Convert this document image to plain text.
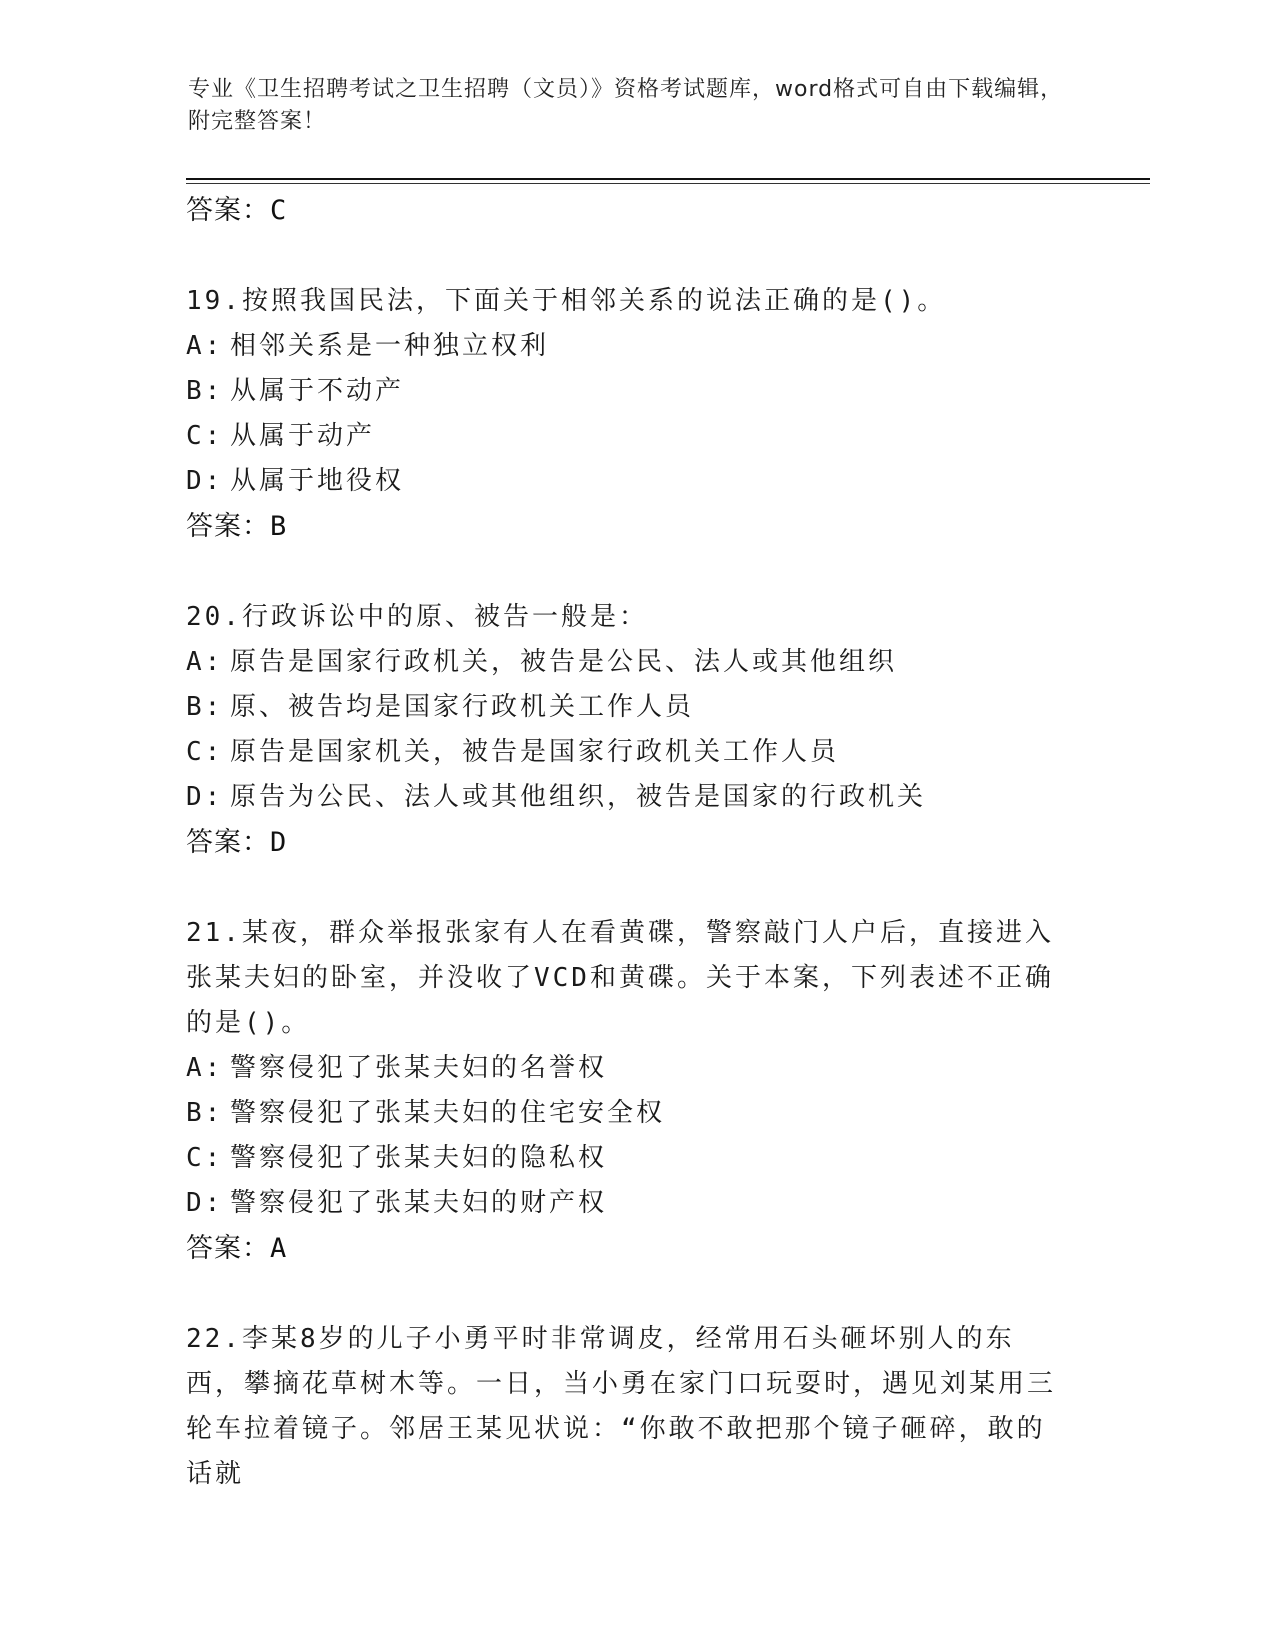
专业《卫生招聘考试之卫生招聘（文员）》资格考试题库，word格式可自由下载编辑，附完整答案！
答案：C
19.按照我国民法，下面关于相邻关系的说法正确的是()。
A: 相邻关系是一种独立权利
B: 从属于不动产
C: 从属于动产
D: 从属于地役权
答案：B
20.行政诉讼中的原、被告一般是：
A: 原告是国家行政机关，被告是公民、法人或其他组织
B: 原、被告均是国家行政机关工作人员
C: 原告是国家机关，被告是国家行政机关工作人员
D: 原告为公民、法人或其他组织，被告是国家的行政机关
答案：D
21.某夜，群众举报张家有人在看黄碟，警察敲门人户后，直接进入张某夫妇的卧室，并没收了VCD和黄碟。关于本案，下列表述不正确的是()。
A: 警察侵犯了张某夫妇的名誉权
B: 警察侵犯了张某夫妇的住宅安全权
C: 警察侵犯了张某夫妇的隐私权
D: 警察侵犯了张某夫妇的财产权
答案：A
22.李某8岁的儿子小勇平时非常调皮，经常用石头砸坏别人的东西，攀摘花草树木等。一日，当小勇在家门口玩耍时，遇见刘某用三轮车拉着镜子。邻居王某见状说：“你敢不敢把那个镜子砸碎，敢的话就
